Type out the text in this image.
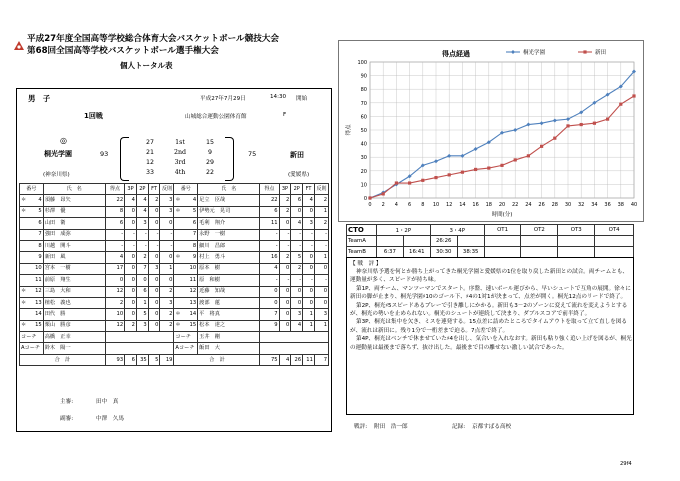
平成27年度全国高等学校総合体育大会バスケットボール競技大会
第68回全国高等学校バスケットボール選手権大会
個人トータル表
男　子	平成27年7月29日	14:30 開始
1回戦	山城総合運動公園体育館	F
◎
桐光学園
(神奈川県)
93
27	1st	15
21	2nd	9
12	3rd	29
33	4th	22
75	新田
(愛媛県)
番号	氏　名	得点	3P	2P	FT	反則	番号	氏　名	得点	3P	2P	FT	反則
＊ 4	須藤　昂矢	22	4	4	2	3	＊ 4	足立　臣哉	22	2	6	4	2
＊ 5	杉澤　優	8	0	4	0	3	＊ 5	伊勢元　晃司	6	2	0	0	1

6	山田　衛	6	0	3	0	0	6	毛利　翔介	11	0	4	3	2

7	強田　成弥	-	-	-	-	-	7	永野　一樹	-	-	-	-	-

8	川越　開斗	-	-	-	-	-	8	細川　昌郎	-	-	-	-	-

9	新田　風	4	0	2	0	0	＊ 9	村上　勇斗	16	2	5	0	1

10	宮本　一樹	17	0	7	3	1	10	原本　樹	4	0	2	0	0

11	前原　翔生	0	0	0	0	0	11	原　和樹	-	-	-	-	-
＊ 12	三島　大和	12	0	6	0	2	12	近藤　知哉	0	0	0	0	0
＊ 13	植松　義也	2	0	1	0	3	13	渡部　蓮	0	0	0	0	0

14	田代　勝	10	0	5	0	2	＊ 14	平　将真	7	0	3	1	3
＊ 15	栗山　勝彦	12	2	3	0	2	＊ 15	松本　達之	9	0	4	1	1
コーチ	高橋　正幸						コーチ	玉井　剛					
Aコーチ	鈴木　陽一						Aコーチ	飯田　大					
合　計		93	6	35	5	19	合　計		75	4	26	11	7
主審:	田中　真
副審:	中澤　久馬
0
10
20
30
40
50
60
70
80
90
100
0 2 4 6 8 10 12 14 16 18 20 22 24 26 28 30 32 34 36 38 40
得点経過
時間(分)
得点
桐光学園	新田
CTO	1・2P		3・4P		OT1	OT2	OT3	OT4
TeamA			26:26					
TeamB	6:37	16:41	30:30	38:35				
【 戦　評 】

神奈川県予選を何とか勝ち上がってきた桐光学園と愛媛県の1位を取り戻した新田との試合。両チームとも、運動量が多く、スピードが持ち味。

第1P、両チーム、マンツーマンでスタート。序盤、速いボール運びから、早いシュートで互角の展開。徐々に新田の脚が止まり、桐光学園♯10のゴール下、♯4の1対1が決まって、点差が開く。桐光12点のリードで終了。

第2P、桐光♯5スピードあるプレーで引き離しにかかる。新田も3－2のゾーンに変えて流れを変えようとするが、桐光の勢いを止められない。桐光のシュートが連続して決まり、ダブルスコアで前半終了。

第3P、桐光は集中を欠き、ミスを連発する。15点差に詰めたところでタイムアウトを取って立て直しを図るが、流れは新田に。残り1分で一桁差まで迫る。7点差で終了。

第4P、桐光はベンチで休ませていた♯4を出し、気合いを入れなおす。新田も粘り強く追い上げを図るが、桐光の運動量は最後まで落ちず、抜け出した。最後まで目の離せない激しい試合であった。

戦評: 附田　浩一郎	記録: 京都すばる高校
29f4
